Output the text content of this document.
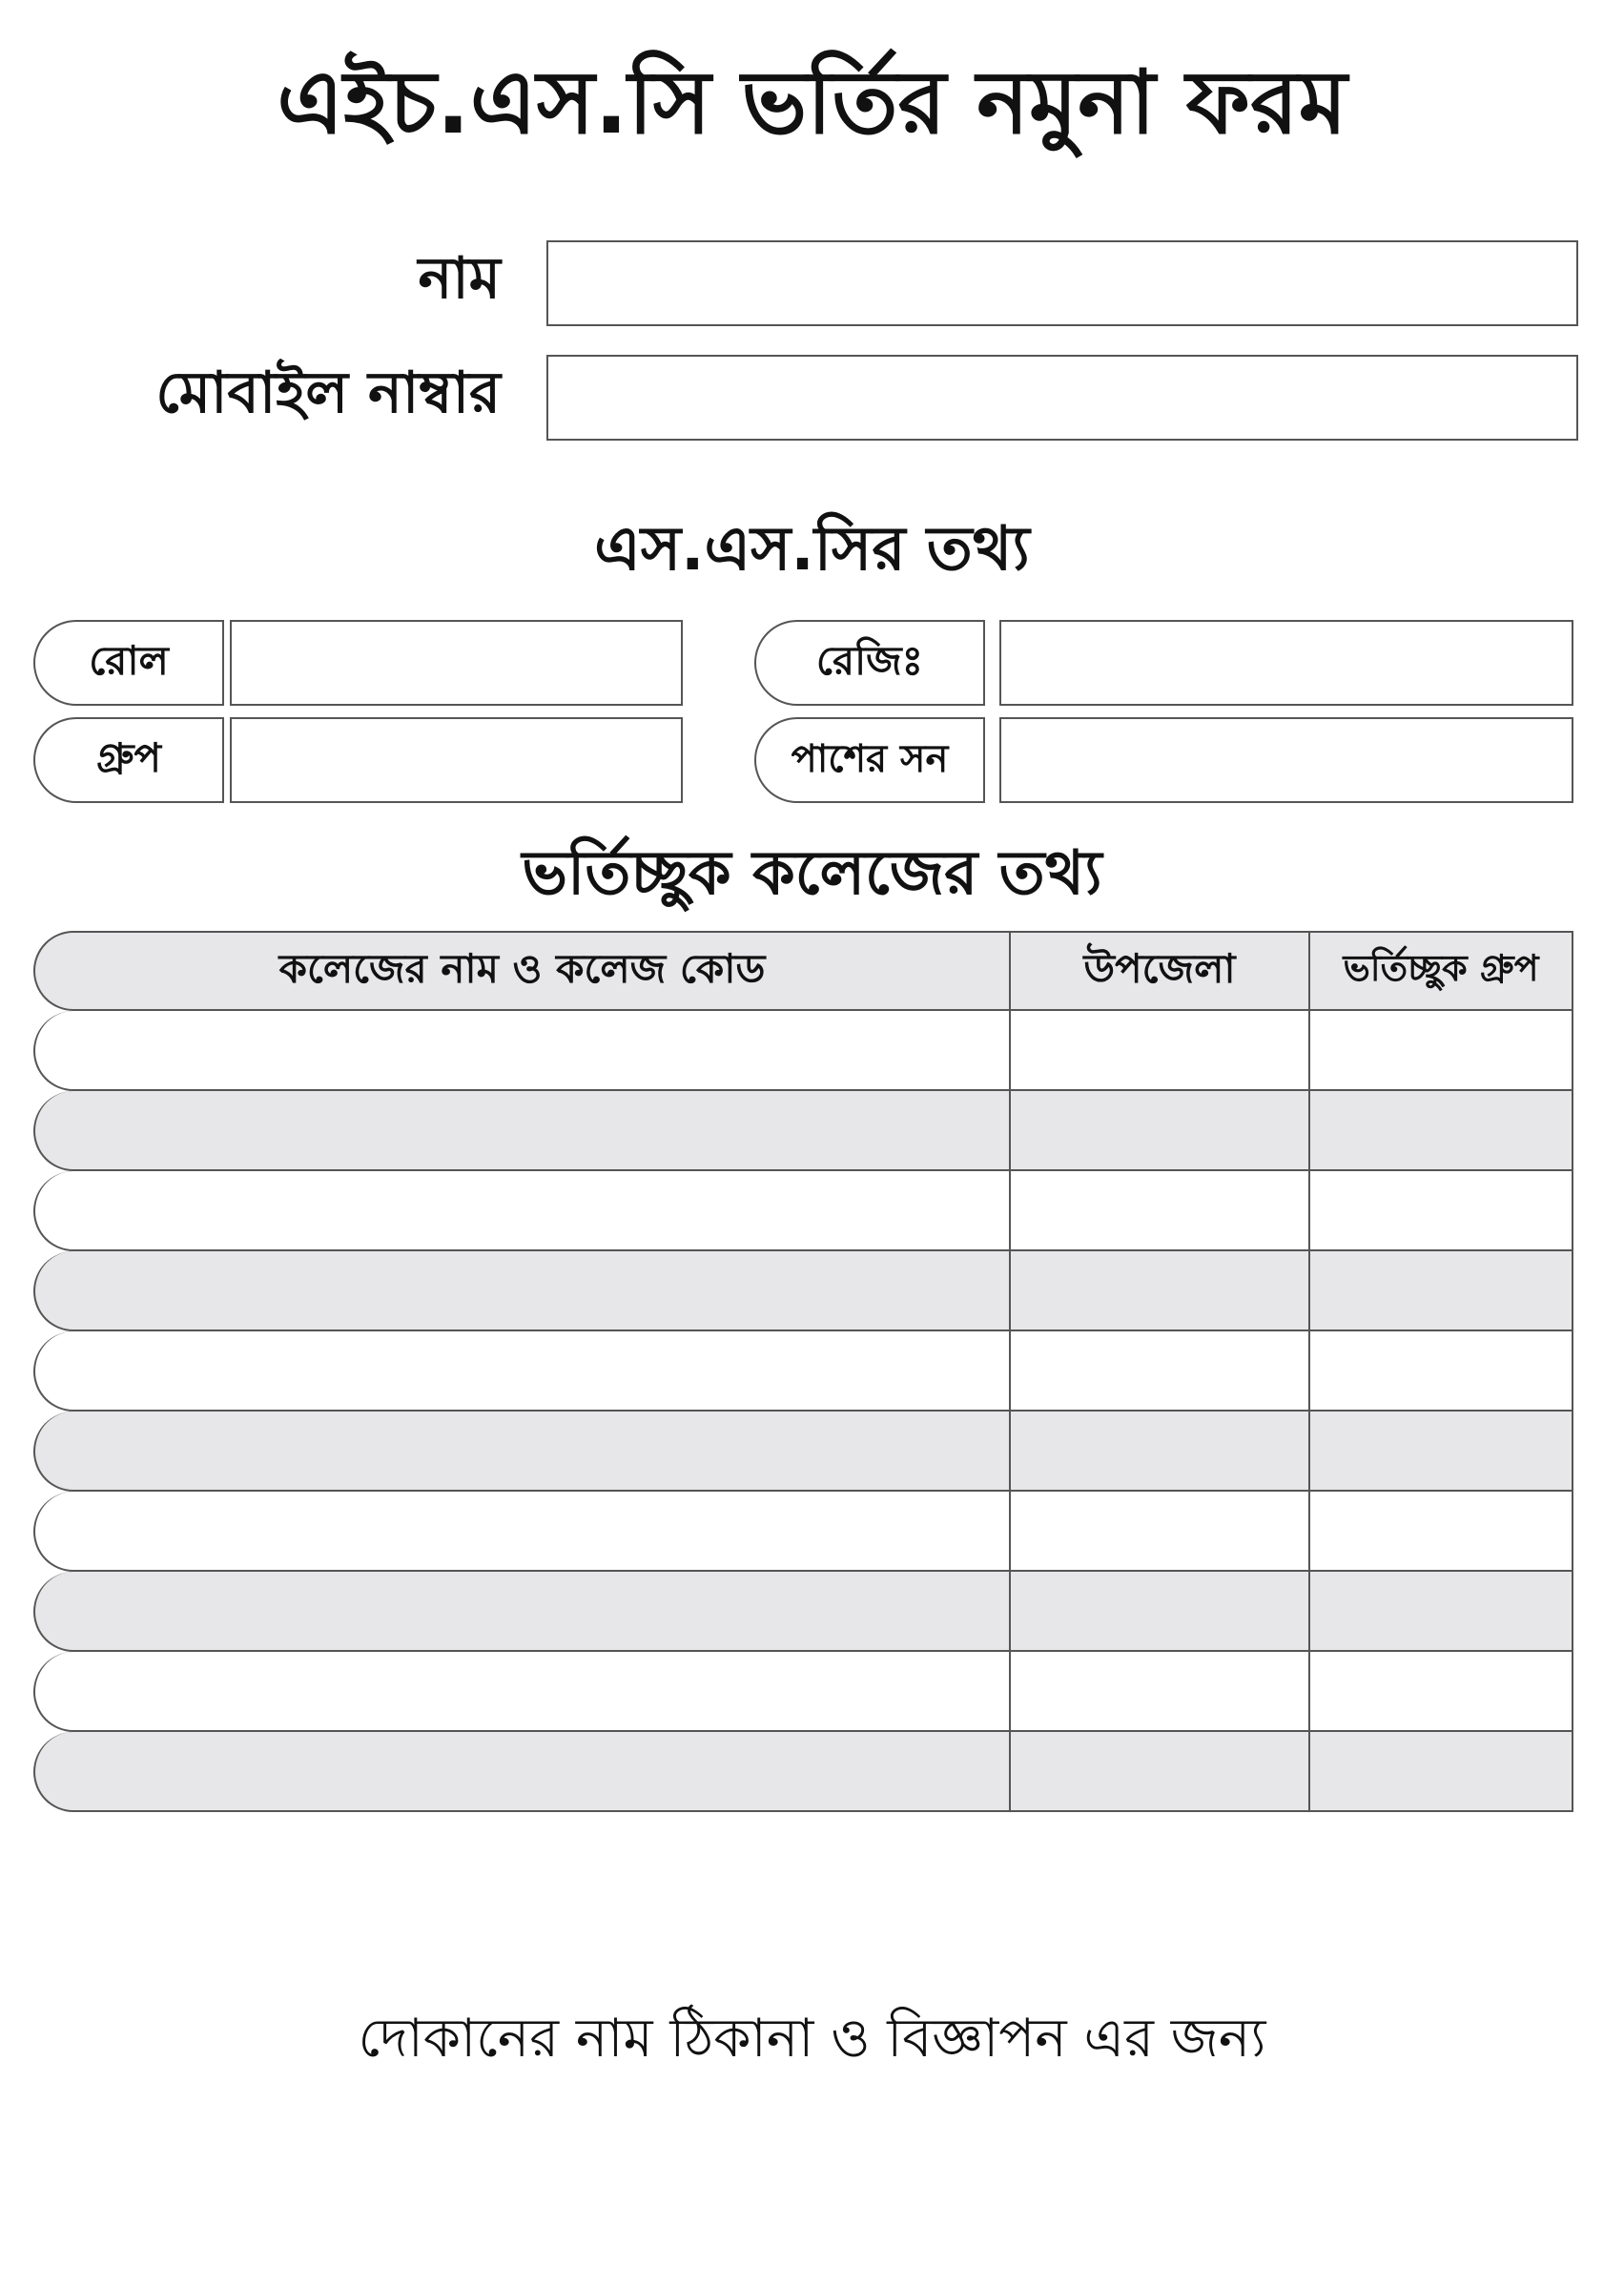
এইচ.এস.সি ভর্তির নমুনা ফরম
নাম
মোবাইল নাম্বার
এস.এস.সির তথ্য
রোল	রেজিঃ
গ্রুপ	পাশের সন
ভর্তিচ্ছুক কলেজের তথ্য
কলেজের নাম ও কলেজ কোড	উপজেলা	ভর্তিচ্ছুক গ্রুপ
দোকানের নাম ঠিকানা ও বিজ্ঞাপন এর জন্য
